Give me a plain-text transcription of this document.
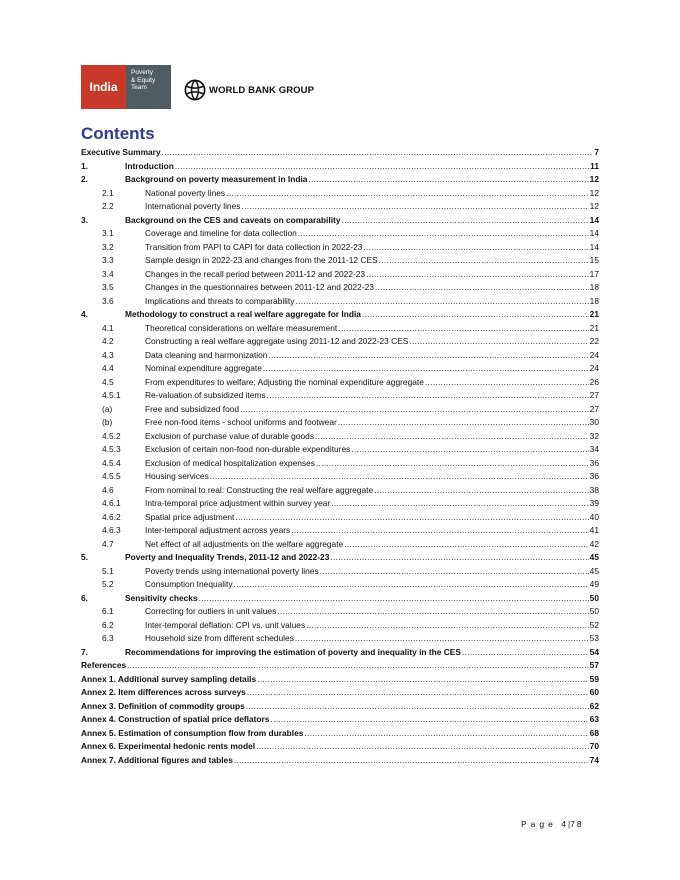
India
Poverty
& Equity
Team	WORLD BANK GROUP
Contents
Executive Summary .....	7
1.	Introduction .....	11
2.	Background on poverty measurement in India .....	12
2.1	National poverty lines .....	12
2.2	International poverty lines .....	12
3.	Background on the CES and caveats on comparability .....	14
3.1	Coverage and timeline for data collection .....	14
3.2	Transition from PAPI to CAPI for data collection in 2022-23 .....	14
3.3	Sample design in 2022-23 and changes from the 2011-12 CES .....	15
3.4	Changes in the recall period between 2011-12 and 2022-23 .....	17
3.5	Changes in the questionnaires between 2011-12 and 2022-23 .....	18
3.6	Implications and threats to comparability .....	18
4.	Methodology to construct a real welfare aggregate for India .....	21
4.1	Theoretical considerations on welfare measurement .....	21
4.2	Constructing a real welfare aggregate using 2011-12 and 2022-23 CES .....	22
4.3	Data cleaning and harmonization .....	24
4.4	Nominal expenditure aggregate .....	24
4.5	From expenditures to welfare: Adjusting the nominal expenditure aggregate .....	26
4.5.1	Re-valuation of subsidized items .....	27
(a)	Free and subsidized food .....	27
(b)	Free non-food items - school uniforms and footwear .....	30
4.5.2	Exclusion of purchase value of durable goods .....	32
4.5.3	Exclusion of certain non-food non-durable expenditures .....	34
4.5.4	Exclusion of medical hospitalization expenses .....	36
4.5.5	Housing services .....	36
4.6	From nominal to real: Constructing the real welfare aggregate .....	38
4.6.1	Intra-temporal price adjustment within survey year .....	39
4.6.2	Spatial price adjustment .....	40
4.6.3	Inter-temporal adjustment across years .....	41
4.7	Net effect of all adjustments on the welfare aggregate .....	42
5.	Poverty and Inequality Trends, 2011-12 and 2022-23 .....	45
5.1	Poverty trends using international poverty lines .....	45
5.2	Consumption Inequality .....	49
6.	Sensitivity checks .....	50
6.1	Correcting for outliers in unit values .....	50
6.2	Inter-temporal deflation: CPI vs. unit values .....	52
6.3	Household size from different schedules .....	53
7.	Recommendations for improving the estimation of poverty and inequality in the CES .....	54
References .....	57
Annex 1. Additional survey sampling details .....	59
Annex 2. Item differences across surveys .....	60
Annex 3. Definition of commodity groups .....	62
Annex 4. Construction of spatial price deflators .....	63
Annex 5. Estimation of consumption flow from durables .....	68
Annex 6. Experimental hedonic rents model .....	70
Annex 7. Additional figures and tables .....	74
Page 4|78
